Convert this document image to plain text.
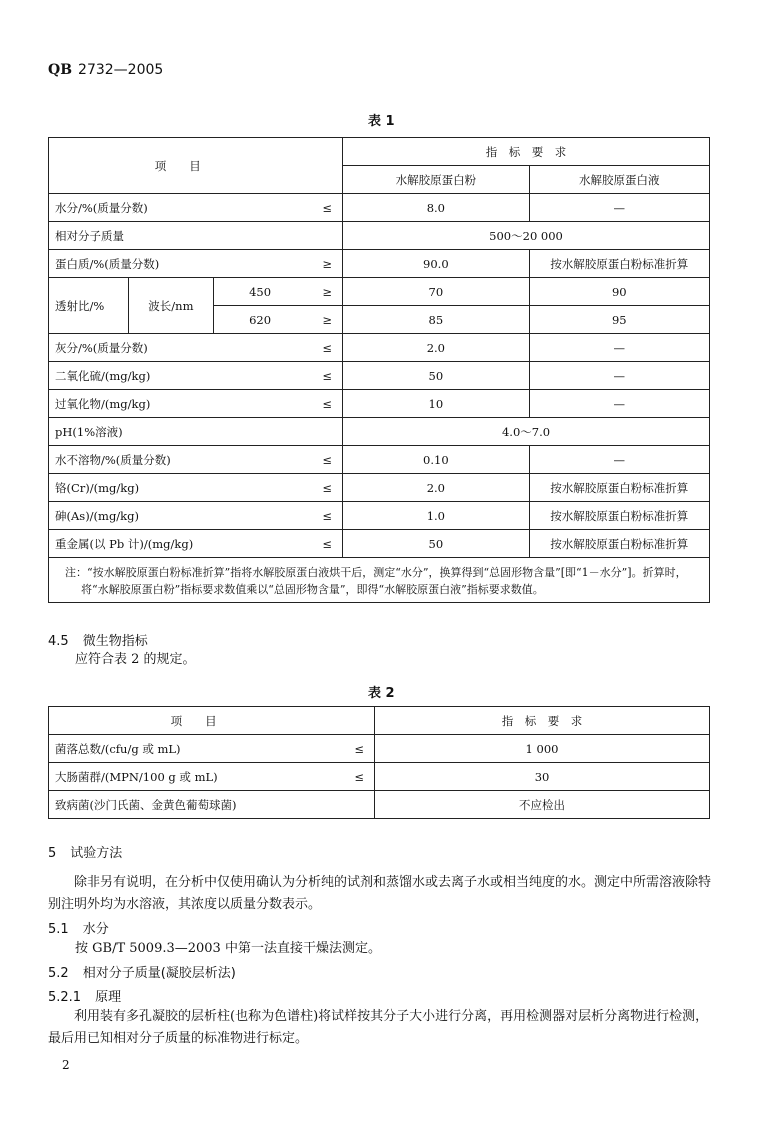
QB 2732—2005
表 1
项　　目				指　标　要　求	
				水解胶原蛋白粉	水解胶原蛋白液
水分/%(质量分数)			≤	8.0	—
相对分子质量				500～20 000	
蛋白质/%(质量分数)			≥	90.0	按水解胶原蛋白粉标准折算
透射比/%	波长/nm	450	≥	70	90
		620	≥	85	95
灰分/%(质量分数)			≤	2.0	—
二氧化硫/(mg/kg)			≤	50	—
过氧化物/(mg/kg)			≤	10	—
pH(1%溶液)				4.0～7.0	
水不溶物/%(质量分数)			≤	0.10	—
铬(Cr)/(mg/kg)			≤	2.0	按水解胶原蛋白粉标准折算
砷(As)/(mg/kg)			≤	1.0	按水解胶原蛋白粉标准折算
重金属(以 Pb 计)/(mg/kg)			≤	50	按水解胶原蛋白粉标准折算
注：“按水解胶原蛋白粉标准折算”指将水解胶原蛋白液烘干后，测定“水分”，换算得到“总固形物含量”[即“1－水分”]。折算时，将“水解胶原蛋白粉”指标要求数值乘以“总固形物含量”，即得“水解胶原蛋白液”指标要求数值。					
4.5 微生物指标
应符合表 2 的规定。
表 2
项　　目		指　标　要　求
菌落总数/(cfu/g 或 mL)	≤	1 000
大肠菌群/(MPN/100 g 或 mL)	≤	30
致病菌(沙门氏菌、金黄色葡萄球菌)		不应检出
5 试验方法
除非另有说明，在分析中仅使用确认为分析纯的试剂和蒸馏水或去离子水或相当纯度的水。测定中所需溶液除特别注明外均为水溶液，其浓度以质量分数表示。
5.1 水分
按 GB/T 5009.3—2003 中第一法直接干燥法测定。
5.2 相对分子质量(凝胶层析法)
5.2.1 原理
利用装有多孔凝胶的层析柱(也称为色谱柱)将试样按其分子大小进行分离，再用检测器对层析分离物进行检测，最后用已知相对分子质量的标准物进行标定。
2
